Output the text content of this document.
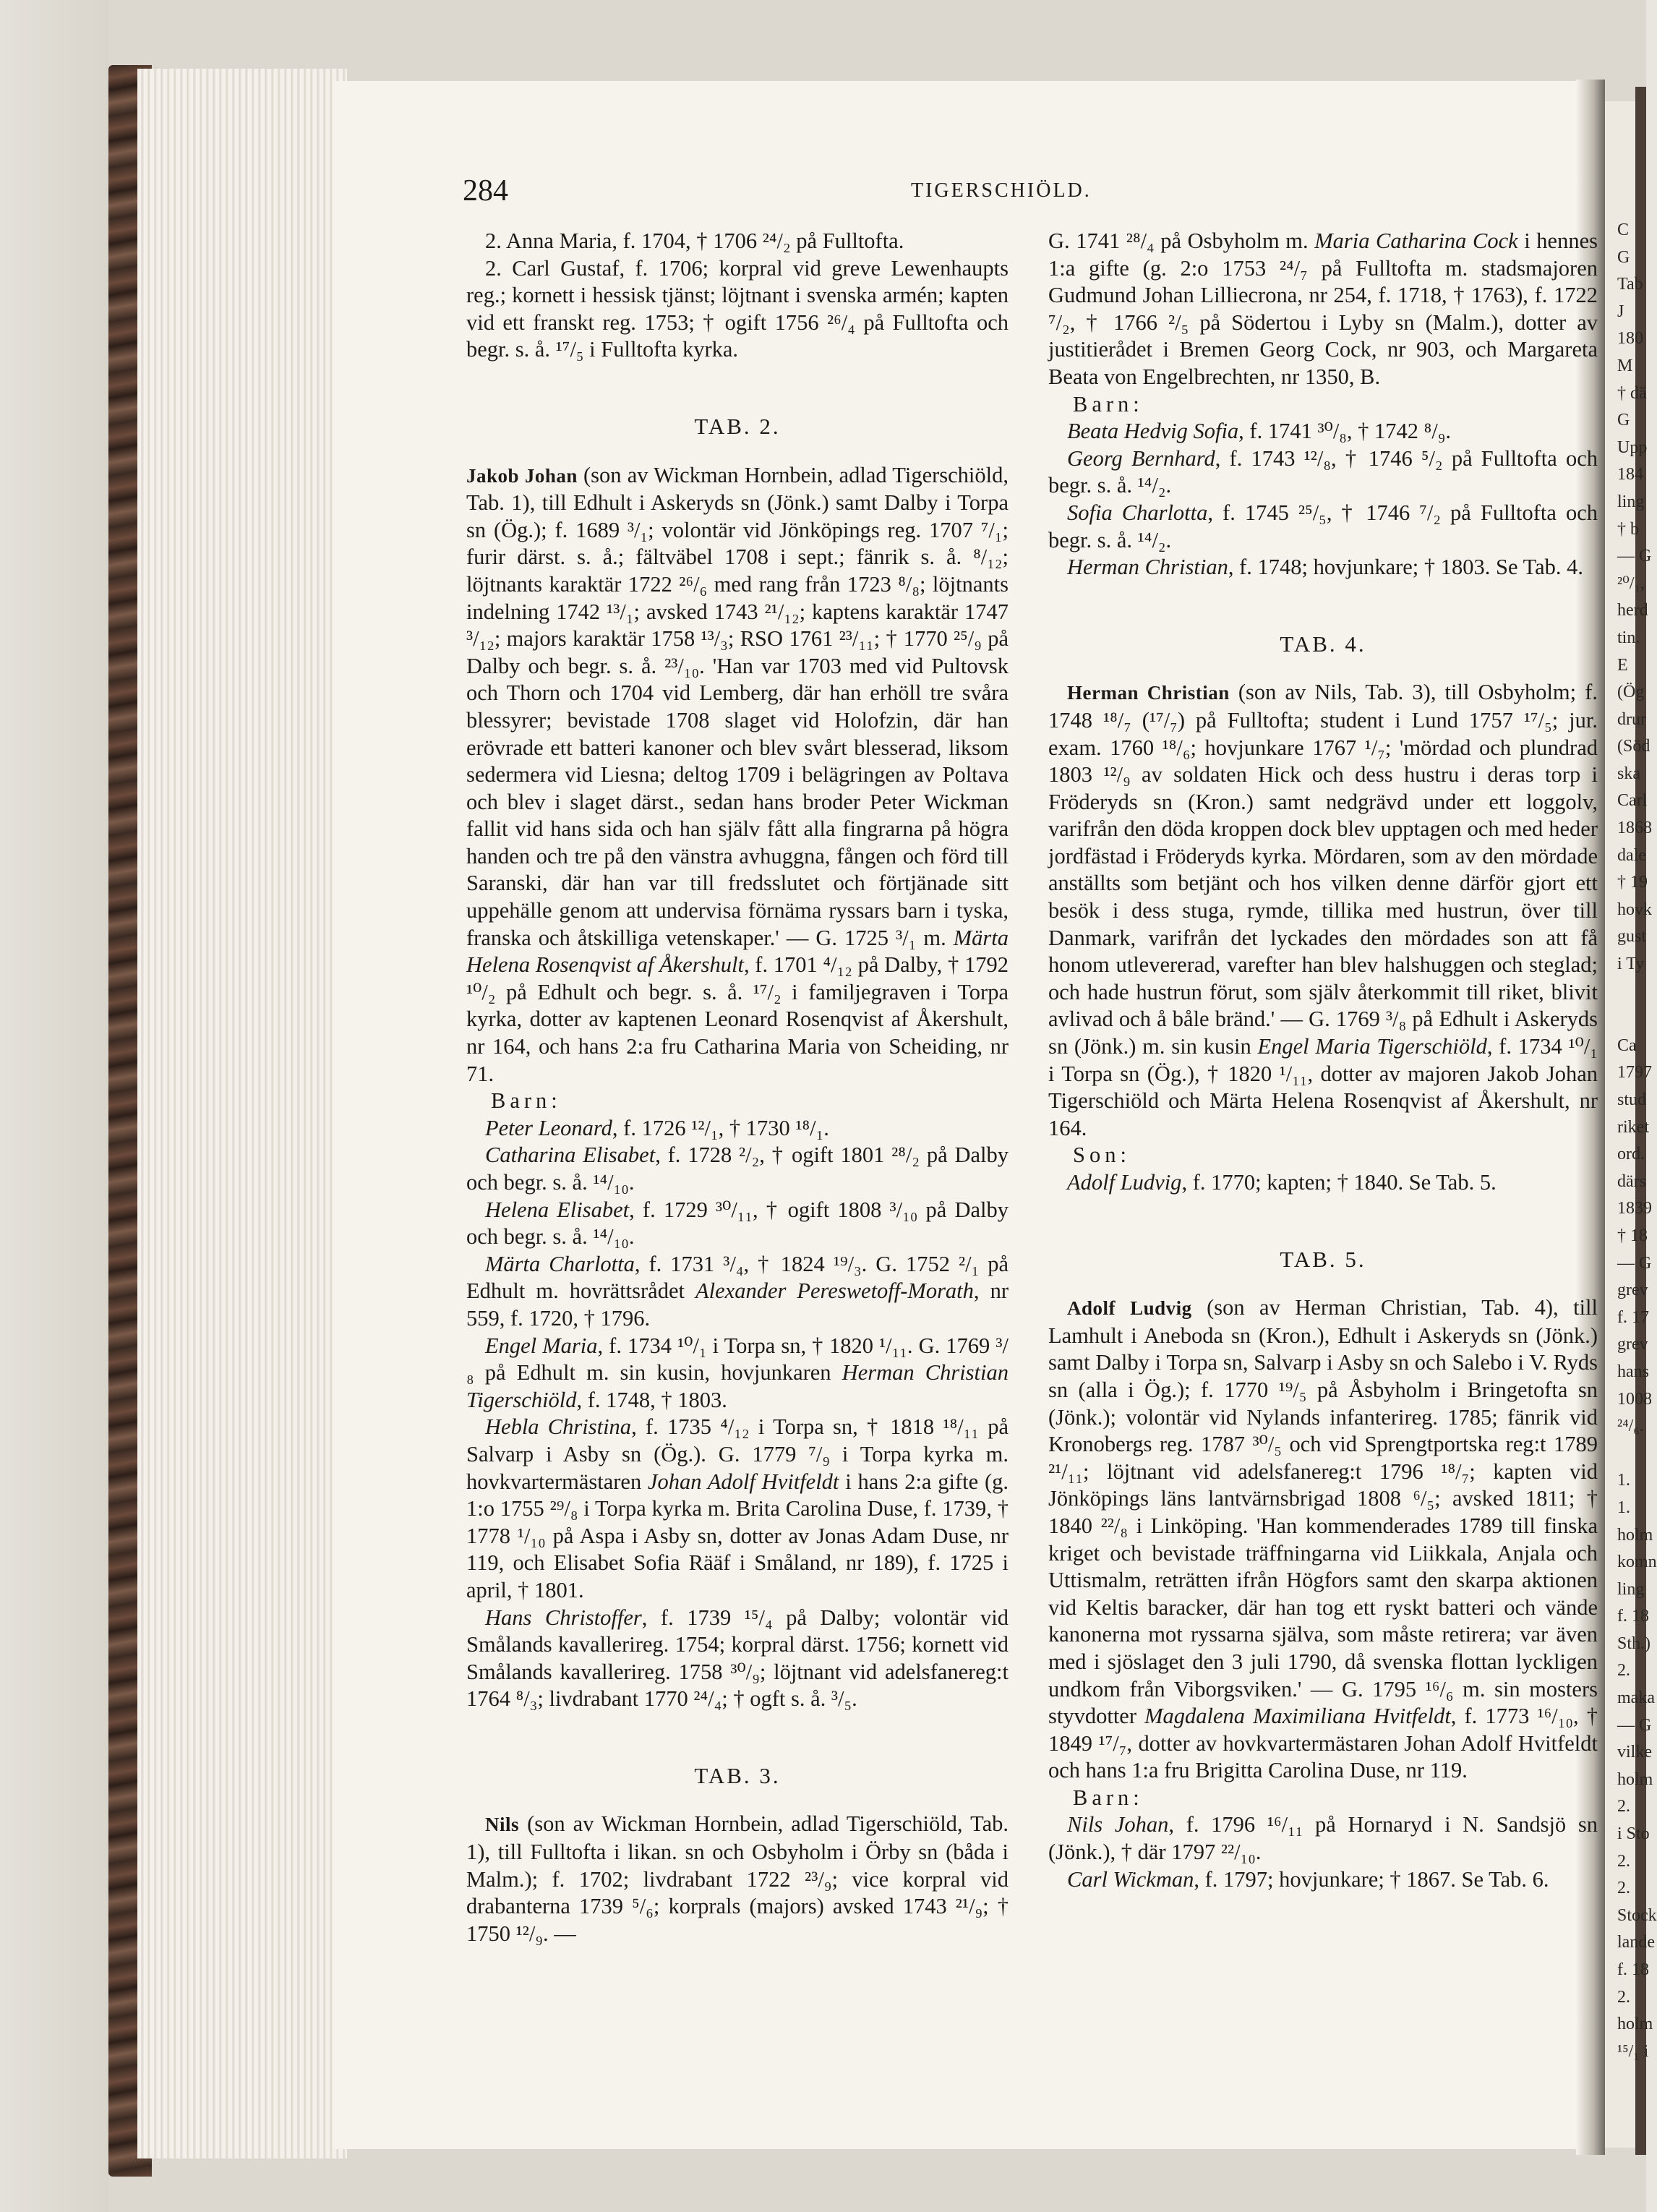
284	TIGERSCHIÖLD.

2. Anna Maria, f. 1704, † 1706 ²⁴/₂ på Fulltofta.

2. Carl Gustaf, f. 1706; korpral vid greve Lewenhaupts reg.; kornett i hessisk tjänst; löjtnant i svenska armén; kapten vid ett franskt reg. 1753; † ogift 1756 ²⁶/₄ på Fulltofta och begr. s. å. ¹⁷/₅ i Fulltofta kyrka.

TAB. 2.

Jakob Johan (son av Wickman Hornbein, adlad Tigerschiöld, Tab. 1), till Edhult i Askeryds sn (Jönk.) samt Dalby i Torpa sn (Ög.); f. 1689 ³/₁; volontär vid Jönköpings reg. 1707 ⁷/₁; furir därst. s. å.; fältväbel 1708 i sept.; fänrik s. å. ⁸/₁₂; löjtnants karaktär 1722 ²⁶/₆ med rang från 1723 ⁸/₈; löjtnants indelning 1742 ¹³/₁; avsked 1743 ²¹/₁₂; kaptens karaktär 1747 ³/₁₂; majors karaktär 1758 ¹³/₃; RSO 1761 ²³/₁₁; † 1770 ²⁵/₉ på Dalby och begr. s. å. ²³/₁₀. 'Han var 1703 med vid Pultovsk och Thorn och 1704 vid Lemberg, där han erhöll tre svåra blessyrer; bevistade 1708 slaget vid Holofzin, där han erövrade ett batteri kanoner och blev svårt blesserad, liksom sedermera vid Liesna; deltog 1709 i belägringen av Poltava och blev i slaget därst., sedan hans broder Peter Wickman fallit vid hans sida och han själv fått alla fingrarna på högra handen och tre på den vänstra avhuggna, fången och förd till Saranski, där han var till fredsslutet och förtjänade sitt uppehälle genom att undervisa förnäma ryssars barn i tyska, franska och åtskilliga vetenskaper.' — G. 1725 ³/₁ m. Märta Helena Rosenqvist af Åkershult, f. 1701 ⁴/₁₂ på Dalby, † 1792 ¹⁰/₂ på Edhult och begr. s. å. ¹⁷/₂ i familjegraven i Torpa kyrka, dotter av kaptenen Leonard Rosenqvist af Åkershult, nr 164, och hans 2:a fru Catharina Maria von Scheiding, nr 71.

Barn:

Peter Leonard, f. 1726 ¹²/₁, † 1730 ¹⁸/₁.

Catharina Elisabet, f. 1728 ²/₂, † ogift 1801 ²⁸/₂ på Dalby och begr. s. å. ¹⁴/₁₀.

Helena Elisabet, f. 1729 ³⁰/₁₁, † ogift 1808 ³/₁₀ på Dalby och begr. s. å. ¹⁴/₁₀.

Märta Charlotta, f. 1731 ³/₄, † 1824 ¹⁹/₃. G. 1752 ²/₁ på Edhult m. hovrättsrådet Alexander Pereswetoff-Morath, nr 559, f. 1720, † 1796.

Engel Maria, f. 1734 ¹⁰/₁ i Torpa sn, † 1820 ¹/₁₁. G. 1769 ³/₈ på Edhult m. sin kusin, hovjunkaren Herman Christian Tigerschiöld, f. 1748, † 1803.

Hebla Christina, f. 1735 ⁴/₁₂ i Torpa sn, † 1818 ¹⁸/₁₁ på Salvarp i Asby sn (Ög.). G. 1779 ⁷/₉ i Torpa kyrka m. hovkvartermästaren Johan Adolf Hvitfeldt i hans 2:a gifte (g. 1:o 1755 ²⁹/₈ i Torpa kyrka m. Brita Carolina Duse, f. 1739, † 1778 ¹/₁₀ på Aspa i Asby sn, dotter av Jonas Adam Duse, nr 119, och Elisabet Sofia Rääf i Småland, nr 189), f. 1725 i april, † 1801.

Hans Christoffer, f. 1739 ¹⁵/₄ på Dalby; volontär vid Smålands kavallerireg. 1754; korpral därst. 1756; kornett vid Smålands kavallerireg. 1758 ³⁰/₉; löjtnant vid adelsfanereg:t 1764 ⁸/₃; livdrabant 1770 ²⁴/₄; † ogft s. å. ³/₅.

TAB. 3.

Nils (son av Wickman Hornbein, adlad Tigerschiöld, Tab. 1), till Fulltofta i likan. sn och Osbyholm i Örby sn (båda i Malm.); f. 1702; livdrabant 1722 ²³/₉; vice korpral vid drabanterna 1739 ⁵/₆; korprals (majors) avsked 1743 ²¹/₉; † 1750 ¹²/₉. —

G. 1741 ²⁸/₄ på Osbyholm m. Maria Catharina Cock i hennes 1:a gifte (g. 2:o 1753 ²⁴/₇ på Fulltofta m. stadsmajoren Gudmund Johan Lilliecrona, nr 254, f. 1718, † 1763), f. 1722 ⁷/₂, † 1766 ²/₅ på Södertou i Lyby sn (Malm.), dotter av justitierådet i Bremen Georg Cock, nr 903, och Margareta Beata von Engelbrechten, nr 1350, B.

Barn:

Beata Hedvig Sofia, f. 1741 ³⁰/₈, † 1742 ⁸/₉.

Georg Bernhard, f. 1743 ¹²/₈, † 1746 ⁵/₂ på Fulltofta och begr. s. å. ¹⁴/₂.

Sofia Charlotta, f. 1745 ²⁵/₅, † 1746 ⁷/₂ på Fulltofta och begr. s. å. ¹⁴/₂.

Herman Christian, f. 1748; hovjunkare; † 1803. Se Tab. 4.

TAB. 4.

Herman Christian (son av Nils, Tab. 3), till Osbyholm; f. 1748 ¹⁸/₇ (¹⁷/₇) på Fulltofta; student i Lund 1757 ¹⁷/₅; jur. exam. 1760 ¹⁸/₆; hovjunkare 1767 ¹/₇; 'mördad och plundrad 1803 ¹²/₉ av soldaten Hick och dess hustru i deras torp i Fröderyds sn (Kron.) samt nedgrävd under ett loggolv, varifrån den döda kroppen dock blev upptagen och med heder jordfästad i Fröderyds kyrka. Mördaren, som av den mördade anställts som betjänt och hos vilken denne därför gjort ett besök i dess stuga, rymde, tillika med hustrun, över till Danmark, varifrån det lyckades den mördades son att få honom utlevererad, varefter han blev halshuggen och steglad; och hade hustrun förut, som själv återkommit till riket, blivit avlivad och å båle bränd.' — G. 1769 ³/₈ på Edhult i Askeryds sn (Jönk.) m. sin kusin Engel Maria Tigerschiöld, f. 1734 ¹⁰/₁ i Torpa sn (Ög.), † 1820 ¹/₁₁, dotter av majoren Jakob Johan Tigerschiöld och Märta Helena Rosenqvist af Åkershult, nr 164.

Son:

Adolf Ludvig, f. 1770; kapten; † 1840. Se Tab. 5.

TAB. 5.

Adolf Ludvig (son av Herman Christian, Tab. 4), till Lamhult i Aneboda sn (Kron.), Edhult i Askeryds sn (Jönk.) samt Dalby i Torpa sn, Salvarp i Asby sn och Salebo i V. Ryds sn (alla i Ög.); f. 1770 ¹⁹/₅ på Åsbyholm i Bringetofta sn (Jönk.); volontär vid Nylands infanterireg. 1785; fänrik vid Kronobergs reg. 1787 ³⁰/₅ och vid Sprengtportska reg:t 1789 ²¹/₁₁; löjtnant vid adelsfanereg:t 1796 ¹⁸/₇; kapten vid Jönköpings läns lantvärnsbrigad 1808 ⁶/₅; avsked 1811; † 1840 ²²/₈ i Linköping. 'Han kommenderades 1789 till finska kriget och bevistade träffningarna vid Liikkala, Anjala och Uttismalm, reträtten ifrån Högfors samt den skarpa aktionen vid Keltis baracker, där han tog ett ryskt batteri och vände kanonerna mot ryssarna själva, som måste retirera; var även med i sjöslaget den 3 juli 1790, då svenska flottan lyckligen undkom från Viborgsviken.' — G. 1795 ¹⁶/₆ m. sin mosters styvdotter Magdalena Maximiliana Hvitfeldt, f. 1773 ¹⁶/₁₀, † 1849 ¹⁷/₇, dotter av hovkvartermästaren Johan Adolf Hvitfeldt och hans 1:a fru Brigitta Carolina Duse, nr 119.

Barn:

Nils Johan, f. 1796 ¹⁶/₁₁ på Hornaryd i N. Sandsjö sn (Jönk.), † där 1797 ²²/₁₀.

Carl Wickman, f. 1797; hovjunkare; † 1867. Se Tab. 6.

C
G
Tab
J
180
M
† dä
G
Upp
184
ling
† b
— G
²⁰/₁,
herd
tin.
E
(Ög
drur
(Söd
ska
Carl
1868
dale
† 19
hovk
gust
i Ty
Ca
1797
stud
riket
ord.
därs
1839
† 18
— G
grev
f. 17
grev
hans
1008
²⁴/₆.
1.
1.
holm
komn
ling
f. 18
Sth.)
2.
maka
— G
vilke
holm
2.
i Sto
2.
2.
Stock
lande
f. 18
2.
holm
¹⁵/₁ i
